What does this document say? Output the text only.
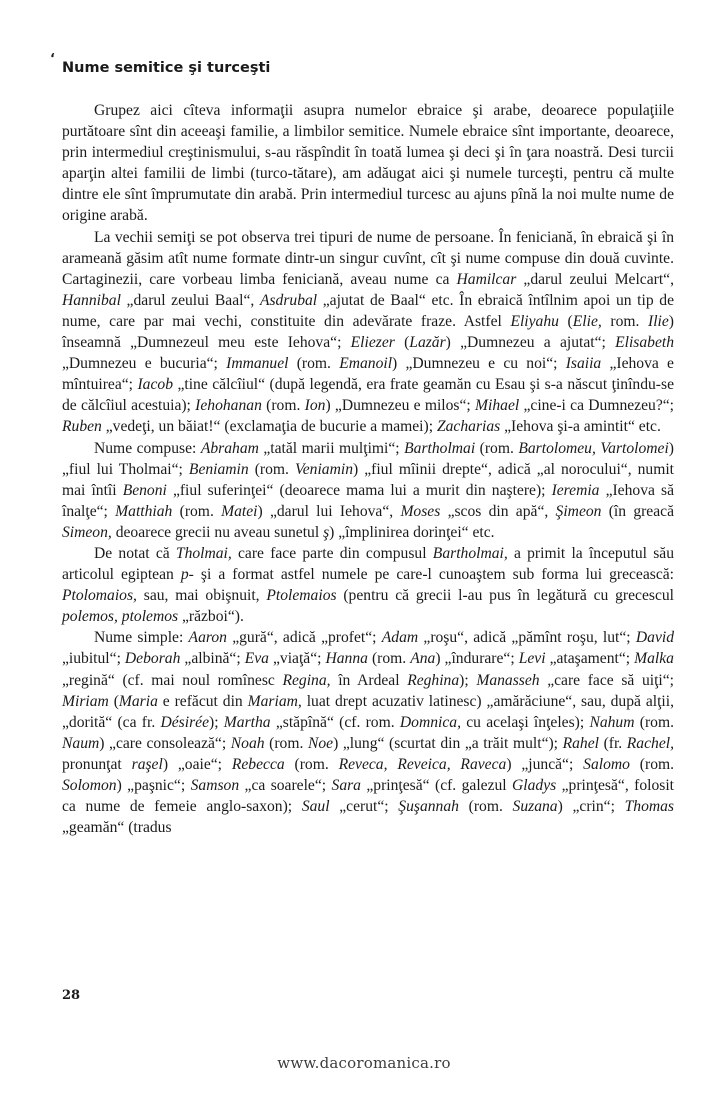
‘
Nume semitice şi turceşti

Grupez aici cîteva informaţii asupra numelor ebraice şi arabe, deoarece populaţiile purtătoare sînt din aceeaşi familie, a limbilor semitice. Numele ebraice sînt importante, deoarece, prin intermediul creştinismului, s-au răspîndit în toată lumea şi deci şi în ţara noastră. Desi turcii aparţin altei familii de limbi (turco-tătare), am adăugat aici şi numele turceşti, pentru că multe dintre ele sînt împrumutate din arabă. Prin intermediul turcesc au ajuns pînă la noi multe nume de origine arabă.

La vechii semiţi se pot observa trei tipuri de nume de persoane. În feniciană, în ebraică şi în arameană găsim atît nume formate dintr-un singur cuvînt, cît şi nume compuse din două cuvinte. Cartaginezii, care vorbeau limba feniciană, aveau nume ca Hamilcar „darul zeului Melcart“, Hannibal „darul zeului Baal“, Asdrubal „ajutat de Baal“ etc. În ebraică întîlnim apoi un tip de nume, care par mai vechi, constituite din adevărate fraze. Astfel Eliyahu (Elie, rom. Ilie) înseamnă „Dumnezeul meu este Iehova“; Eliezer (Lazăr) „Dumnezeu a ajutat“; Elisabeth „Dumnezeu e bucuria“; Immanuel (rom. Emanoil) „Dumnezeu e cu noi“; Isaiia „Iehova e mîntuirea“; Iacob „tine călcîiul“ (după legendă, era frate geamăn cu Esau şi s-a născut ţinîndu-se de călcîiul acestuia); Iehohanan (rom. Ion) „Dumnezeu e milos“; Mihael „cine-i ca Dumnezeu?“; Ruben „vedeţi, un băiat!“ (exclamaţia de bucurie a mamei); Zacharias „Iehova şi-a amintit“ etc.

Nume compuse: Abraham „tatăl marii mulţimi“; Bartholmai (rom. Bartolomeu, Vartolomei) „fiul lui Tholmai“; Beniamin (rom. Veniamin) „fiul mîinii drepte“, adică „al norocului“, numit mai întîi Benoni „fiul suferinţei“ (deoarece mama lui a murit din naştere); Ieremia „Iehova să înalţe“; Matthiah (rom. Matei) „darul lui Iehova“, Moses „scos din apă“, Şimeon (în greacă Simeon, deoarece grecii nu aveau sunetul ş) „împlinirea dorinţei“ etc.

De notat că Tholmai, care face parte din compusul Bartholmai, a primit la începutul său articolul egiptean p- şi a format astfel numele pe care-l cunoaştem sub forma lui grecească: Ptolomaios, sau, mai obişnuit, Ptolemaios (pentru că grecii l-au pus în legătură cu grecescul polemos, ptolemos „război“).

Nume simple: Aaron „gură“, adică „profet“; Adam „roşu“, adică „pămînt roşu, lut“; David „iubitul“; Deborah „albină“; Eva „viaţă“; Hanna (rom. Ana) „îndurare“; Levi „ataşament“; Malka „regină“ (cf. mai noul romînesc Regina, în Ardeal Reghina); Manasseh „care face să uiţi“; Miriam (Maria e refăcut din Mariam, luat drept acuzativ latinesc) „amărăciune“, sau, după alţii, „dorită“ (ca fr. Désirée); Martha „stăpînă“ (cf. rom. Domnica, cu acelaşi înţeles); Nahum (rom. Naum) „care consolează“; Noah (rom. Noe) „lung“ (scurtat din „a trăit mult“); Rahel (fr. Rachel, pronunţat raşel) „oaie“; Rebecca (rom. Reveca, Reveica, Raveca) „juncă“; Salomo (rom. Solomon) „paşnic“; Samson „ca soarele“; Sara „prinţesă“ (cf. galezul Gladys „prinţesă“, folosit ca nume de femeie anglo-saxon); Saul „cerut“; Şuşannah (rom. Suzana) „crin“; Thomas „geamăn“ (tradus

28
www.dacoromanica.ro
